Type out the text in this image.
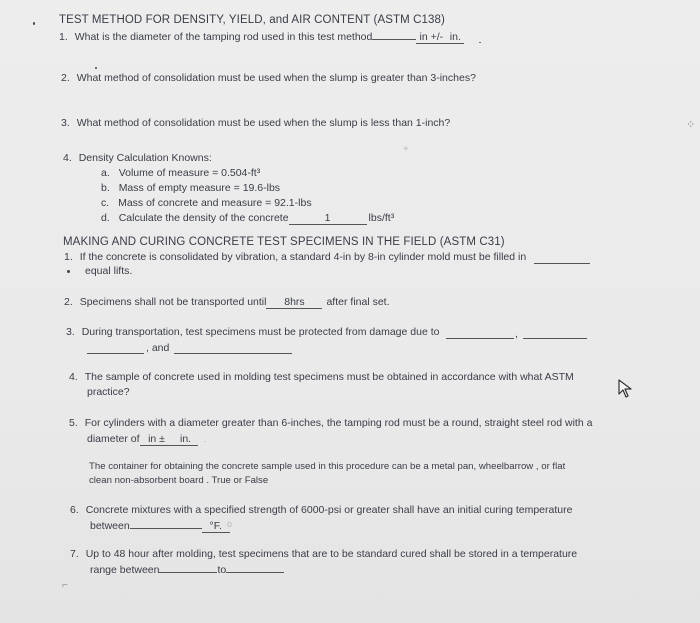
TEST METHOD FOR DENSITY, YIELD, and AIR CONTENT (ASTM C138)
1. What is the diameter of the tamping rod used in this test method	in +/- in.
2. What method of consolidation must be used when the slump is greater than 3-inches?
3. What method of consolidation must be used when the slump is less than 1-inch?
4. Density Calculation Knowns:
a. Volume of measure = 0.504-ft³
b. Mass of empty measure = 19.6-lbs
c. Mass of concrete and measure = 92.1-lbs
d. Calculate the density of the concrete	1	lbs/ft³
+
MAKING AND CURING CONCRETE TEST SPECIMENS IN THE FIELD (ASTM C31)
1. If the concrete is consolidated by vibration, a standard 4-in by 8-in cylinder mold must be filled in
equal lifts.
2. Specimens shall not be transported until 8hrs after final set.
3. During transportation, test specimens must be protected from damage due to	,
, and
4. The sample of concrete used in molding test specimens must be obtained in accordance with what ASTM
practice?
5. For cylinders with a diameter greater than 6-inches, the tamping rod must be a round, straight steel rod with a
diameter of in ± in. .
The container for obtaining the concrete sample used in this procedure can be a metal pan, wheelbarrow , or flat
clean non-absorbent board . True or False
6. Concrete mixtures with a specified strength of 6000-psi or greater shall have an initial curing temperature
between	°F. o
7. Up to 48 hour after molding, test specimens that are to be standard cured shall be stored in a temperature
range between	to
⁘
⌐
